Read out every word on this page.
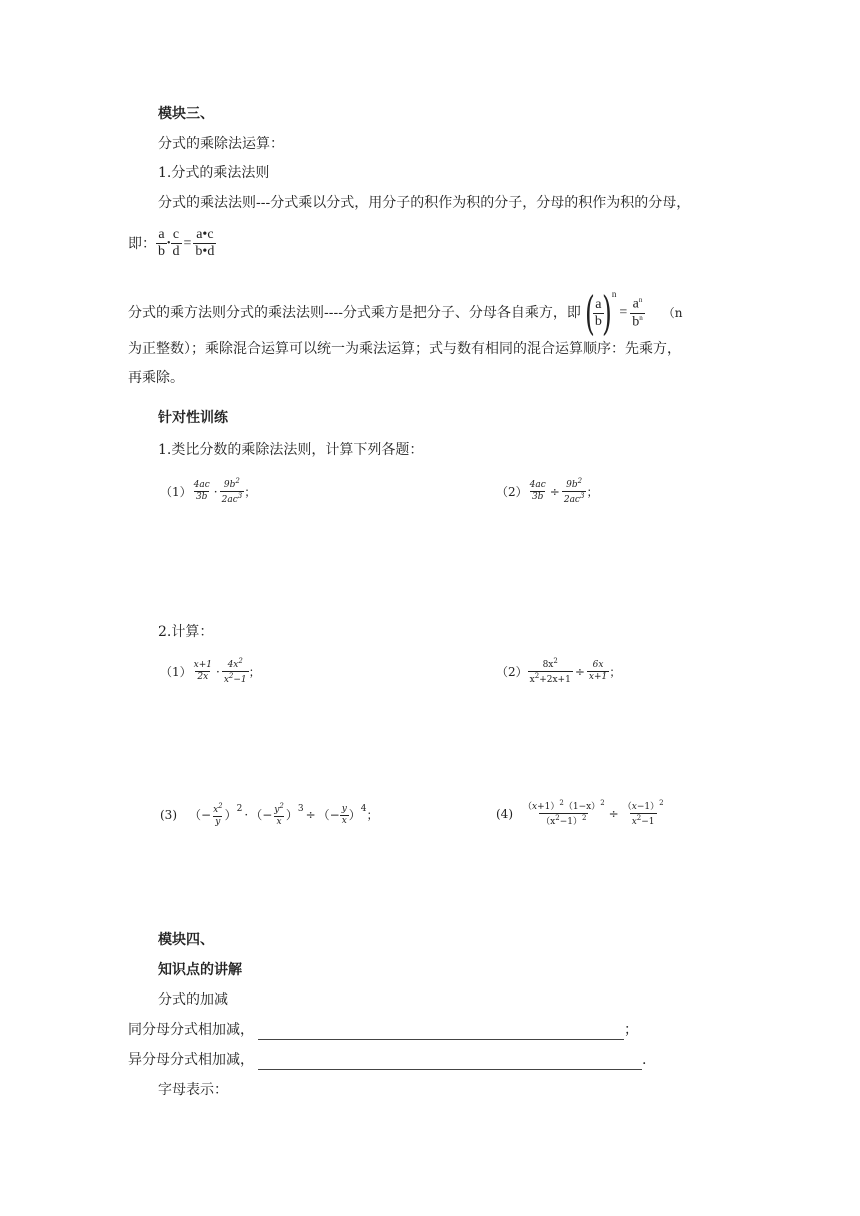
模块三、
分式的乘除法运算：
1.分式的乘法法则
分式的乘法法则---分式乘以分式，用分子的积作为积的分子，分母的积作为积的分母，
即： $\frac{a}{b}$ • $\frac{c}{d} = \frac{a•c}{b•d}$
分式的乘方法则分式的乘法法则----分式乘方是把分子、分母各自乘方，即 (
$\frac{a}{b}$
) n
= $\frac{a^n}{b^n} (n$
为正整数）；乘除混合运算可以统一为乘法运算；式与数有相同的混合运算顺序：先乘方，
再乘除。
针对性训练
1.类比分数的乘除法法则，计算下列各题：
$(1) \frac{4ac}{3b} \cdot \frac{9b^2}{2ac^3}$ ；	$(2) \frac{4ac}{3b} \div \frac{9b^2}{2ac^3}$ ；
2.计算：
$(1) \frac{x+1}{2x} \cdot \frac{4x^2}{x^2-1}$ ；	$(2) \frac{8x^2}{x^2+2x+1} \div \frac{6x}{x+1}$ ；
(3) （− $\frac{x^2}{y}$ ） 2 · （− $\frac{y^2}{x}$ ） 3 ÷ （− $\frac{y}{x}$ ） 4 ；	$(4) \frac{(x+1)^2(1-x)^2}{(x^2-1)^2} \div \frac{(x-1)^2}{x^2-1}$
模块四、
知识点的讲解
分式的加减
同分母分式相加减，	；
异分母分式相加减，	.
字母表示：
